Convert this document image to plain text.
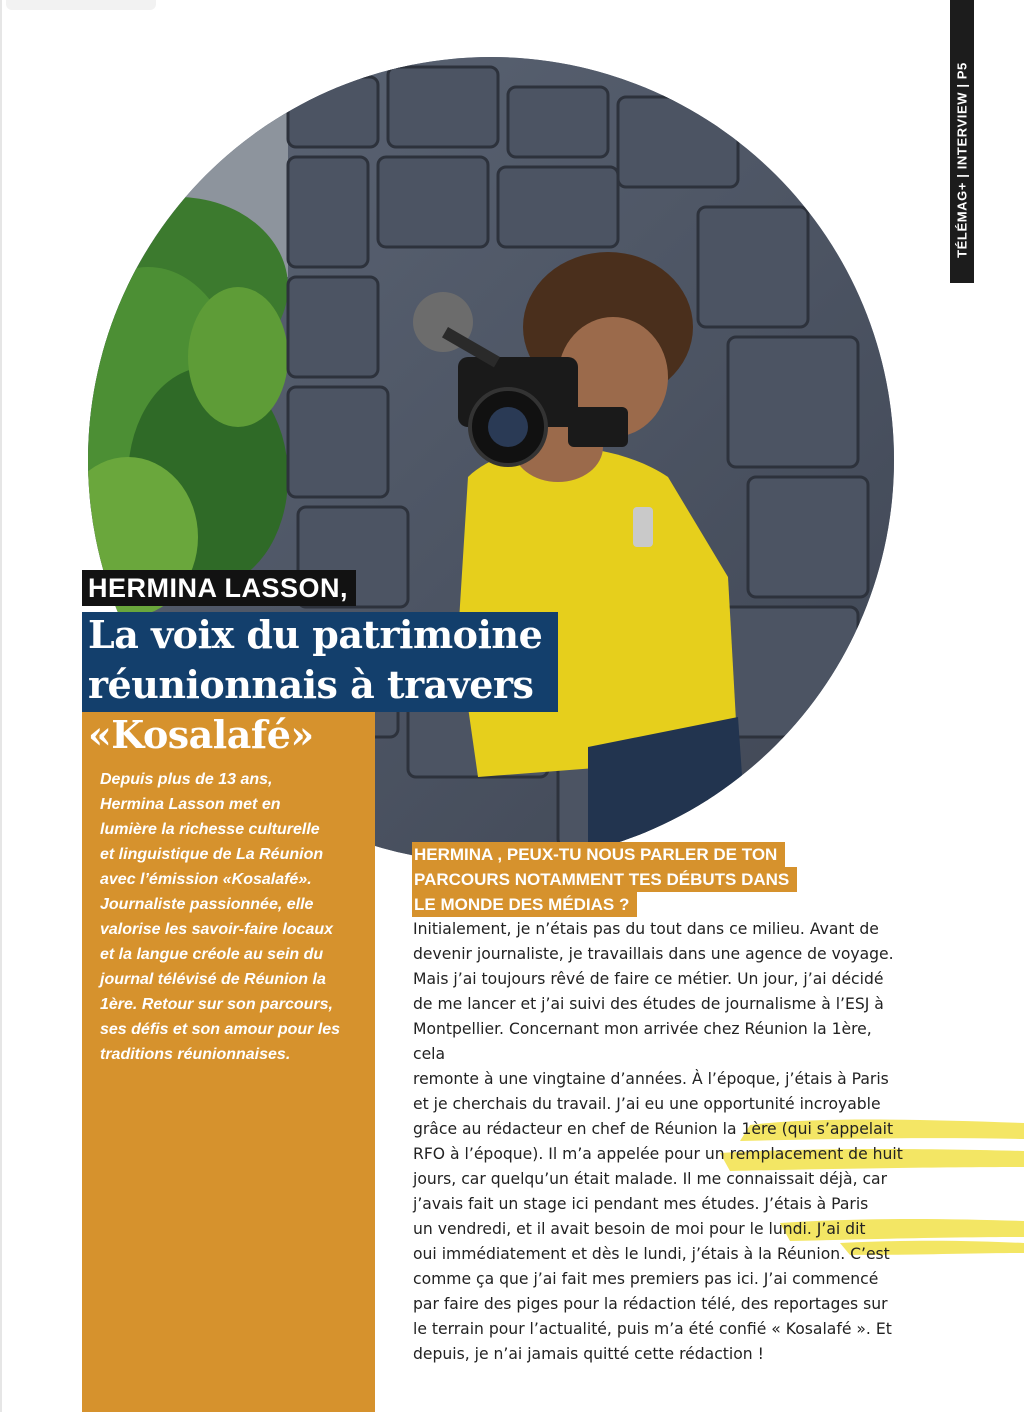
TÉLÉMAG+ | INTERVIEW | P5
HERMINA LASSON,
La voix du patrimoine
réunionnais à travers
«Kosalafé»

Depuis plus de 13 ans,
Hermina Lasson met en
lumière la richesse culturelle
et linguistique de La Réunion
avec l’émission «Kosalafé».
Journaliste passionnée, elle
valorise les savoir-faire locaux
et la langue créole au sein du
journal télévisé de Réunion la
1ère. Retour sur son parcours,
ses défis et son amour pour les
traditions réunionnaises.

HERMINA , PEUX-TU NOUS PARLER DE TON
PARCOURS NOTAMMENT TES DÉBUTS DANS
LE MONDE DES MÉDIAS ?

Initialement, je n’étais pas du tout dans ce milieu. Avant de
devenir journaliste, je travaillais dans une agence de voyage.
Mais j’ai toujours rêvé de faire ce métier. Un jour, j’ai décidé
de me lancer et j’ai suivi des études de journalisme à l’ESJ à
Montpellier. Concernant mon arrivée chez Réunion la 1ère, cela
remonte à une vingtaine d’années. À l’époque, j’étais à Paris
et je cherchais du travail. J’ai eu une opportunité incroyable
grâce au rédacteur en chef de Réunion la 1ère (qui s’appelait
RFO à l’époque). Il m’a appelée pour un remplacement de huit
jours, car quelqu’un était malade. Il me connaissait déjà, car
j’avais fait un stage ici pendant mes études. J’étais à Paris
un vendredi, et il avait besoin de moi pour le lundi. J’ai dit
oui immédiatement et dès le lundi, j’étais à la Réunion. C’est
comme ça que j’ai fait mes premiers pas ici. J’ai commencé
par faire des piges pour la rédaction télé, des reportages sur
le terrain pour l’actualité, puis m’a été confié « Kosalafé ». Et
depuis, je n’ai jamais quitté cette rédaction !
